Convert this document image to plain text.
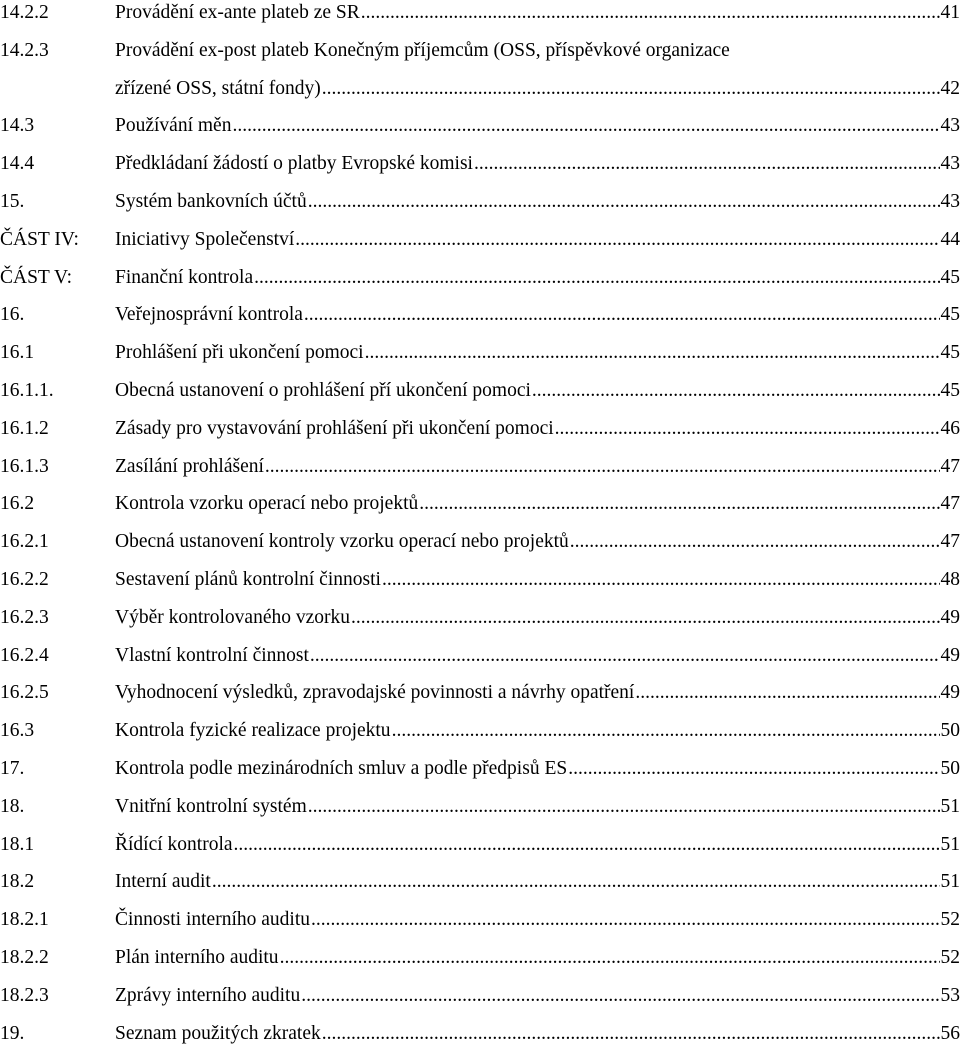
14.2.2	Provádění ex-ante plateb ze SR .....	41
14.2.3	Provádění ex-post plateb Konečným příjemcům (OSS, příspěvkové organizace
zřízené OSS, státní fondy) .....	42
14.3	Používání měn .....	43
14.4	Předkládaní žádostí o platby Evropské komisi .....	43
15.	Systém bankovních účtů .....	43
ČÁST IV: Iniciativy Společenství .....	44
ČÁST V: Finanční kontrola .....	45
16.	Veřejnosprávní kontrola .....	45
16.1	Prohlášení při ukončení pomoci .....	45
16.1.1.	Obecná ustanovení o prohlášení pří ukončení pomoci .....	45
16.1.2	Zásady pro vystavování prohlášení při ukončení pomoci .....	46
16.1.3	Zasílání prohlášení .....	47
16.2	Kontrola vzorku operací nebo projektů .....	47
16.2.1	Obecná ustanovení kontroly vzorku operací nebo projektů .....	47
16.2.2	Sestavení plánů kontrolní činnosti .....	48
16.2.3	Výběr kontrolovaného vzorku .....	49
16.2.4	Vlastní kontrolní činnost .....	49
16.2.5	Vyhodnocení výsledků, zpravodajské povinnosti a návrhy opatření .....	49
16.3	Kontrola fyzické realizace projektu .....	50
17.	Kontrola podle mezinárodních smluv a podle předpisů ES .....	50
18.	Vnitřní kontrolní systém .....	51
18.1	Řídící kontrola .....	51
18.2	Interní audit .....	51
18.2.1	Činnosti interního auditu .....	52
18.2.2	Plán interního auditu .....	52
18.2.3	Zprávy interního auditu .....	53
19.	Seznam použitých zkratek .....	56
